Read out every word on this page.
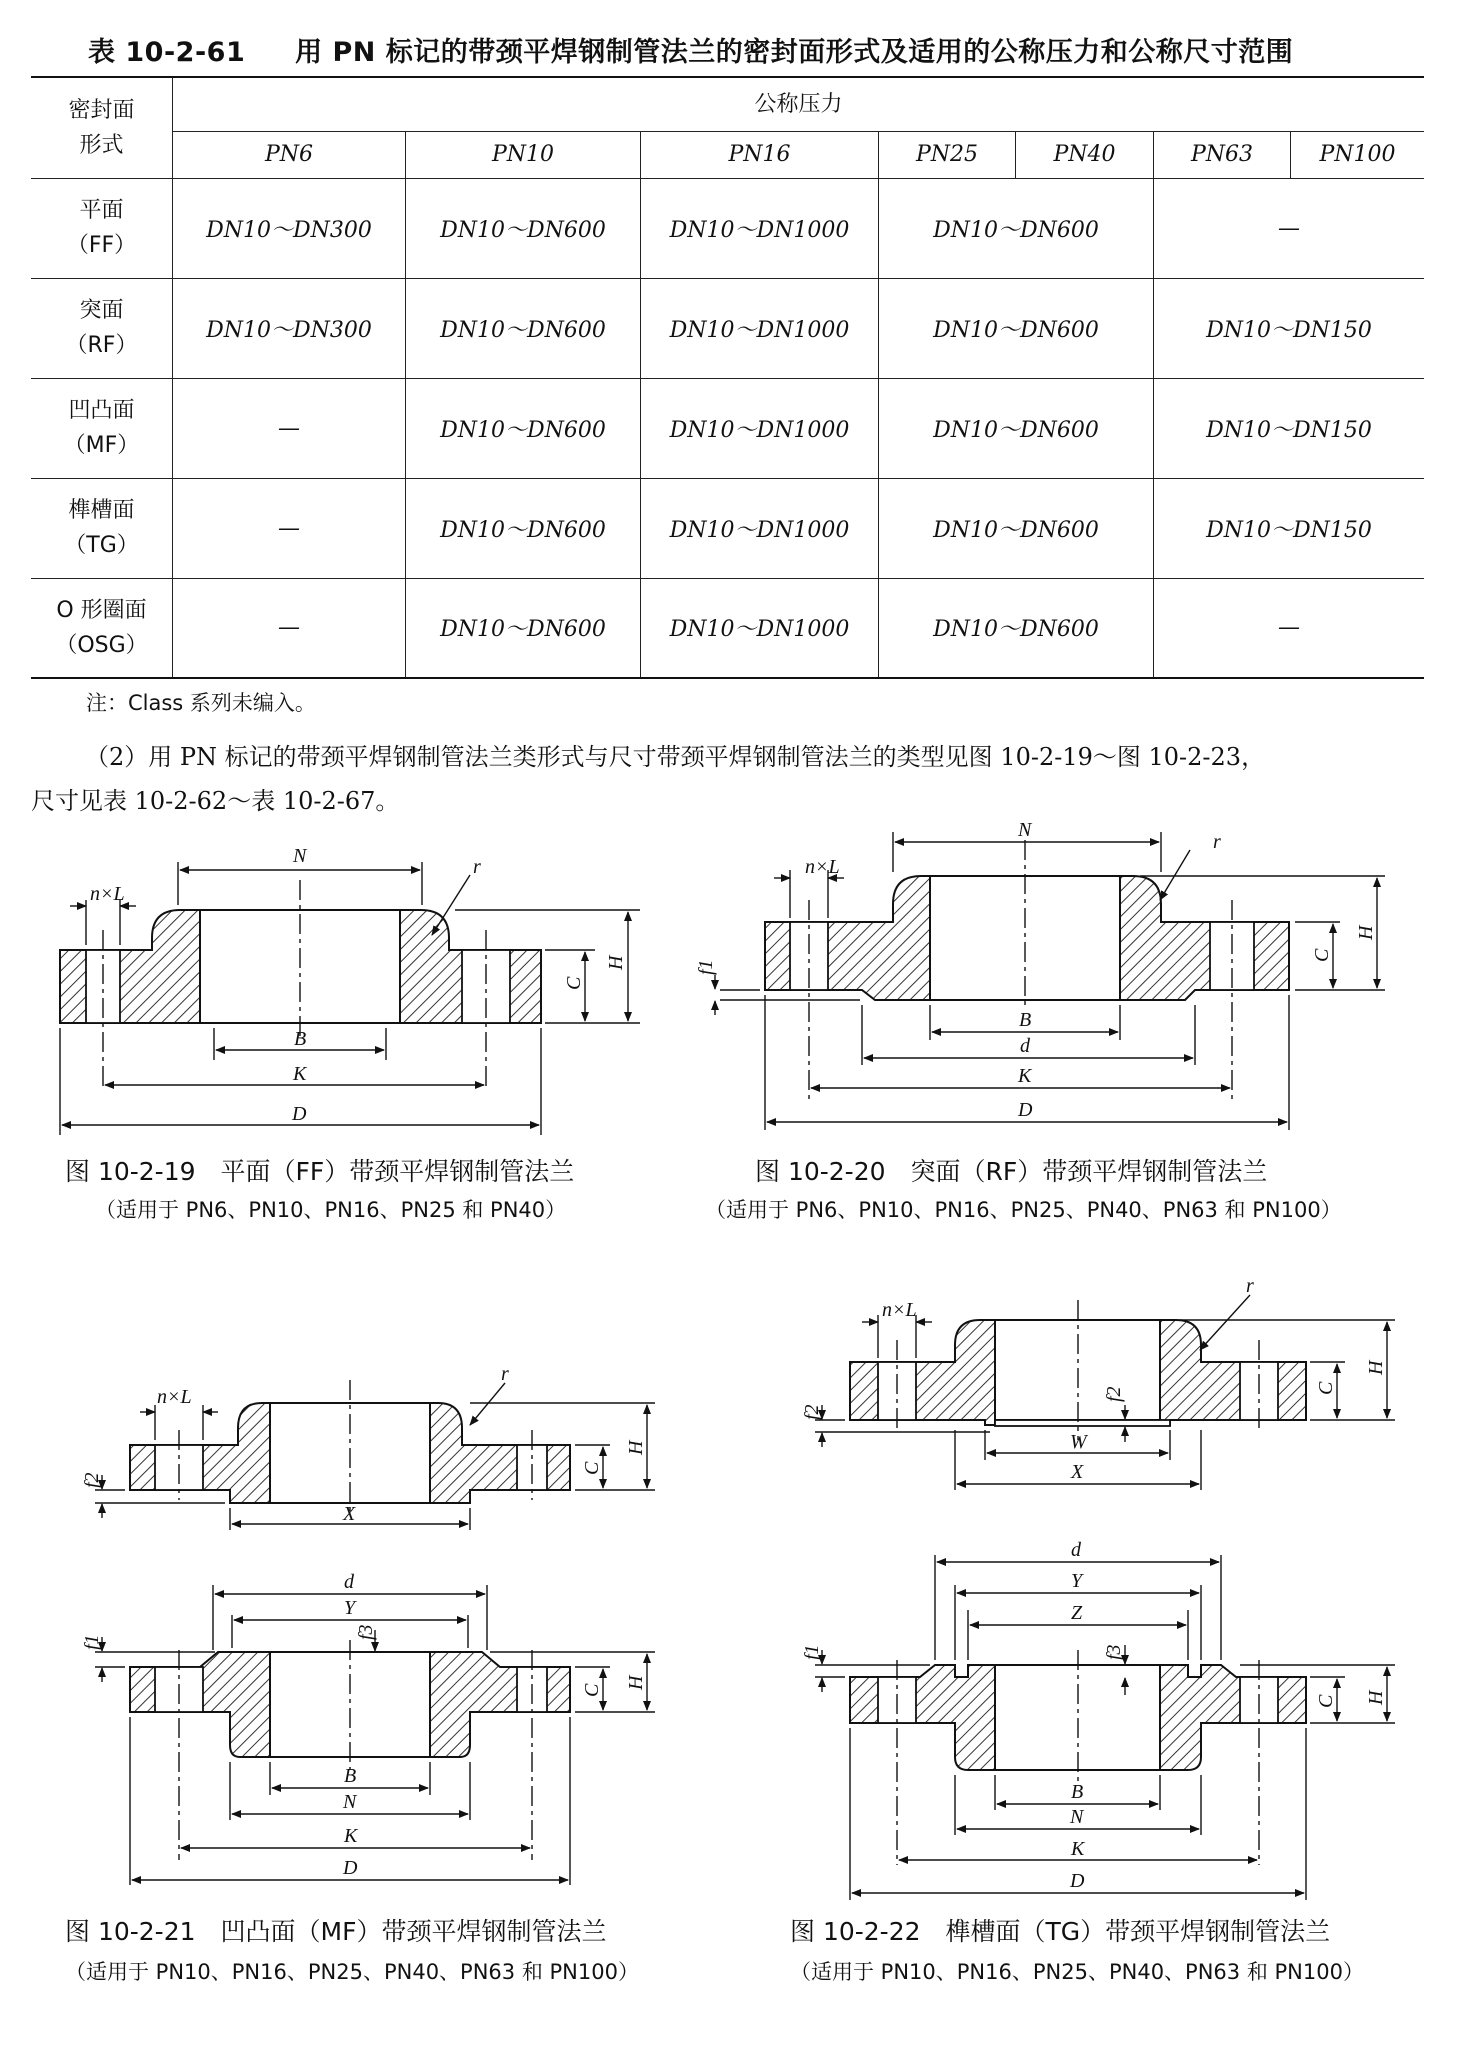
表 10-2-61 用 PN 标记的带颈平焊钢制管法兰的密封面形式及适用的公称压力和公称尺寸范围
密封面
形式	公称压力						
	PN6	PN10	PN16	PN25	PN40	PN63	PN100

平面
（FF）	DN10～DN300	DN10～DN600	DN10～DN1000	DN10～DN600		—	

突面
（RF）	DN10～DN300	DN10～DN600	DN10～DN1000	DN10～DN600		DN10～DN150	

凹凸面
（MF）	—	DN10～DN600	DN10～DN1000	DN10～DN600		DN10～DN150	

榫槽面
（TG）	—	DN10～DN600	DN10～DN1000	DN10～DN600		DN10～DN150	

O 形圈面
（OSG）	—	DN10～DN600	DN10～DN1000	DN10～DN600		—	
注：Class 系列未编入。
（2）用 PN 标记的带颈平焊钢制管法兰类形式与尺寸带颈平焊钢制管法兰的类型见图 10-2-19～图 10-2-23，
尺寸见表 10-2-62～表 10-2-67。
N
n×L
r
C
H
B
K
D
N
n×L
r
f1
C
H
B
d
K
D
n×L
r
f2
C
H
X
d
Y
f1
f3
C
H
B
N
K
D
n×L
r
f2
f2	C
H
W
X
d
Y
Z
f1	f3
C H
B
N
K
D
图 10-2-19　平面（FF）带颈平焊钢制管法兰
（适用于 PN6、PN10、PN16、PN25 和 PN40）
图 10-2-20　突面（RF）带颈平焊钢制管法兰
（适用于 PN6、PN10、PN16、PN25、PN40、PN63 和 PN100）
图 10-2-21　凹凸面（MF）带颈平焊钢制管法兰
（适用于 PN10、PN16、PN25、PN40、PN63 和 PN100）
图 10-2-22　榫槽面（TG）带颈平焊钢制管法兰
（适用于 PN10、PN16、PN25、PN40、PN63 和 PN100）
